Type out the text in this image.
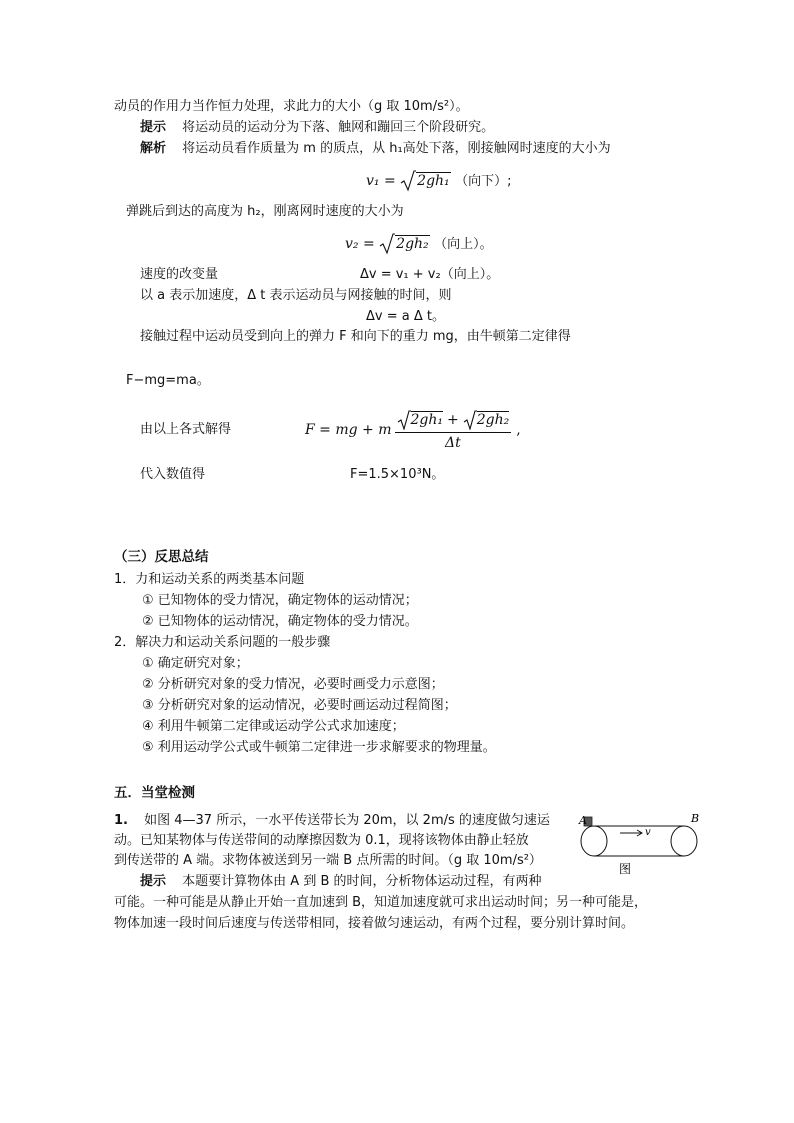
动员的作用力当作恒力处理，求此力的大小（g 取 10m/s²）。
提示 将运动员的运动分为下落、触网和蹦回三个阶段研究。
解析 将运动员看作质量为 m 的质点，从 h₁高处下落，刚接触网时速度的大小为
v₁ = 2gh₁ （向下）;
弹跳后到达的高度为 h₂，刚离网时速度的大小为
v₂ = 2gh₂ （向上）。
速度的改变量	Δv = v₁ + v₂（向上）。
以 a 表示加速度，Δ t 表示运动员与网接触的时间，则
Δv = a Δ t。
接触过程中运动员受到向上的弹力 F 和向下的重力 mg，由牛顿第二定律得
F−mg=ma。
由以上各式解得	F = mg + m $\frac{\text{2gh₁ + 2gh₂}}{\Delta t}$ ,
代入数值得	F=1.5×10³N。
（三）反思总结
1．力和运动关系的两类基本问题
① 已知物体的受力情况，确定物体的运动情况；
② 已知物体的运动情况，确定物体的受力情况。
2．解决力和运动关系问题的一般步骤
① 确定研究对象；
② 分析研究对象的受力情况，必要时画受力示意图；
③ 分析研究对象的运动情况，必要时画运动过程简图；
④ 利用牛顿第二定律或运动学公式求加速度；
⑤ 利用运动学公式或牛顿第二定律进一步求解要求的物理量。
五．当堂检测
1. 如图 4—37 所示，一水平传送带长为 20m，以 2m/s 的速度做匀速运
动。已知某物体与传送带间的动摩擦因数为 0.1，现将该物体由静止轻放
到传送带的 A 端。求物体被送到另一端 B 点所需的时间。（g 取 10m/s²）
提示 本题要计算物体由 A 到 B 的时间，分析物体运动过程，有两种
可能。一种可能是从静止开始一直加速到 B，知道加速度就可求出运动时间；另一种可能是，
物体加速一段时间后速度与传送带相同，接着做匀速运动，有两个过程，要分别计算时间。
A	B
v
图
